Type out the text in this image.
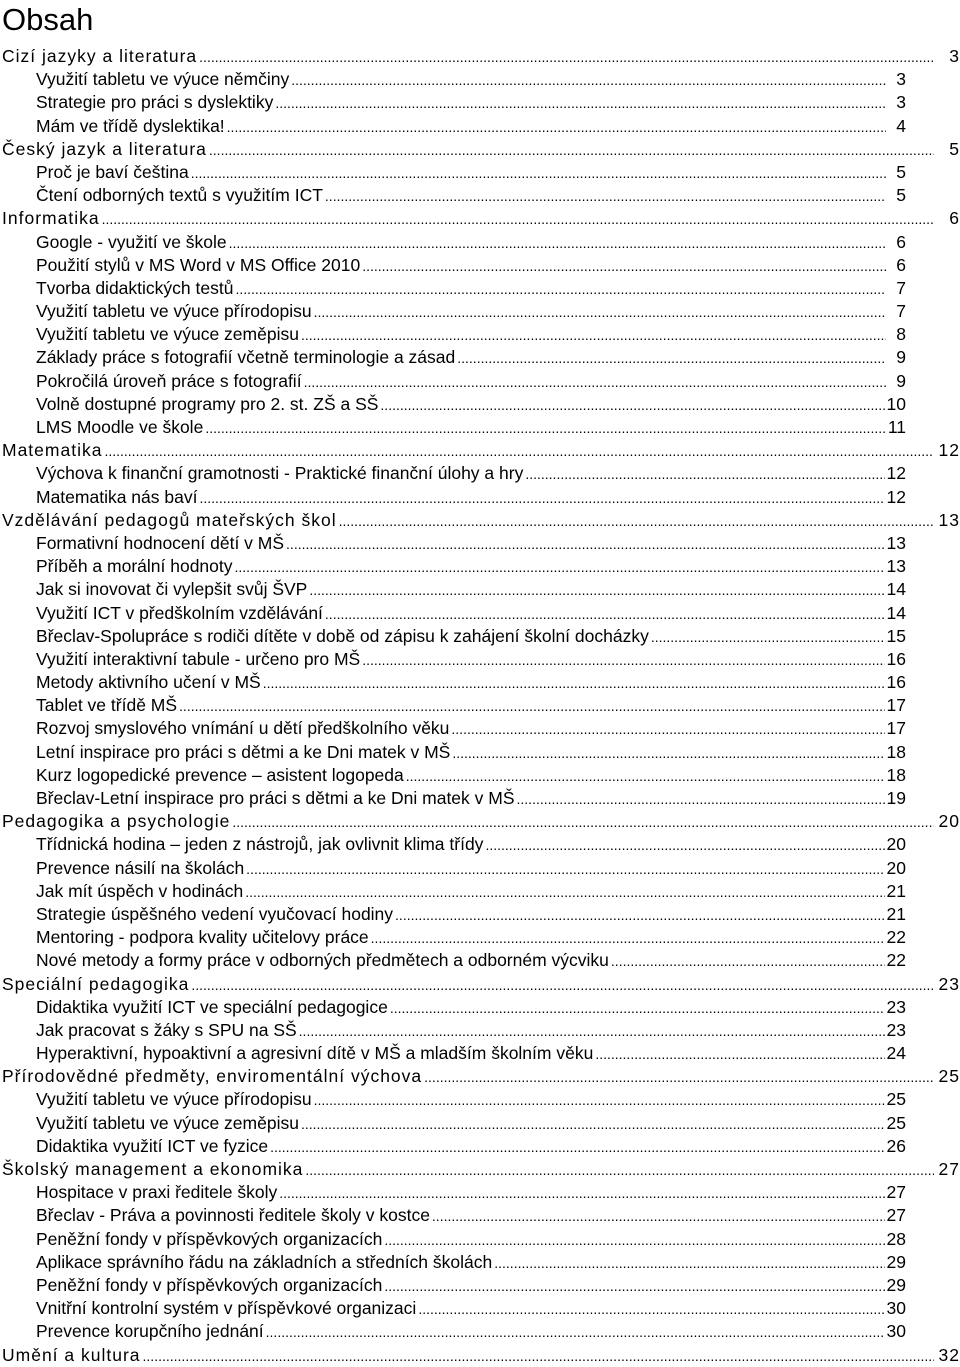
Obsah
Cizí jazyky a literatura .....	3
Využití tabletu ve výuce němčiny .....	3
Strategie pro práci s dyslektiky .....	3
Mám ve třídě dyslektika! .....	4
Český jazyk a literatura .....	5
Proč je baví čeština .....	5
Čtení odborných textů s využitím ICT .....	5
Informatika .....	6
Google - využití ve škole .....	6
Použití stylů v MS Word v MS Office 2010 .....	6
Tvorba didaktických testů .....	7
Využití tabletu ve výuce přírodopisu .....	7
Využití tabletu ve výuce zeměpisu .....	8
Základy práce s fotografií včetně terminologie a zásad .....	9
Pokročilá úroveň práce s fotografií .....	9
Volně dostupné programy pro 2. st. ZŠ a SŠ .....	10
LMS Moodle ve škole .....	11
Matematika .....	12
Výchova k finanční gramotnosti - Praktické finanční úlohy a hry .....	12
Matematika nás baví .....	12
Vzdělávání pedagogů mateřských škol .....	13
Formativní hodnocení dětí v MŠ .....	13
Příběh a morální hodnoty .....	13
Jak si inovovat či vylepšit svůj ŠVP .....	14
Využití ICT v předškolním vzdělávání .....	14
Břeclav-Spolupráce s rodiči dítěte v době od zápisu k zahájení školní docházky .....	15
Využití interaktivní tabule - určeno pro MŠ .....	16
Metody aktivního učení v MŠ .....	16
Tablet ve třídě MŠ .....	17
Rozvoj smyslového vnímání u dětí předškolního věku .....	17
Letní inspirace pro práci s dětmi a ke Dni matek v MŠ .....	18
Kurz logopedické prevence – asistent logopeda .....	18
Břeclav-Letní inspirace pro práci s dětmi a ke Dni matek v MŠ .....	19
Pedagogika a psychologie .....	20
Třídnická hodina – jeden z nástrojů, jak ovlivnit klima třídy .....	20
Prevence násilí na školách .....	20
Jak mít úspěch v hodinách .....	21
Strategie úspěšného vedení vyučovací hodiny .....	21
Mentoring - podpora kvality učitelovy práce .....	22
Nové metody a formy práce v odborných předmětech a odborném výcviku .....	22
Speciální pedagogika .....	23
Didaktika využití ICT ve speciální pedagogice .....	23
Jak pracovat s žáky s SPU na SŠ .....	23
Hyperaktivní, hypoaktivní a agresivní dítě v MŠ a mladším školním věku .....	24
Přírodovědné předměty, enviromentální výchova .....	25
Využití tabletu ve výuce přírodopisu .....	25
Využití tabletu ve výuce zeměpisu .....	25
Didaktika využití ICT ve fyzice .....	26
Školský management a ekonomika .....	27
Hospitace v praxi ředitele školy .....	27
Břeclav - Práva a povinnosti ředitele školy v kostce .....	27
Peněžní fondy v příspěvkových organizacích .....	28
Aplikace správního řádu na základních a středních školách .....	29
Peněžní fondy v příspěvkových organizacích .....	29
Vnitřní kontrolní systém v příspěvkové organizaci .....	30
Prevence korupčního jednání .....	30
Umění a kultura .....	32
